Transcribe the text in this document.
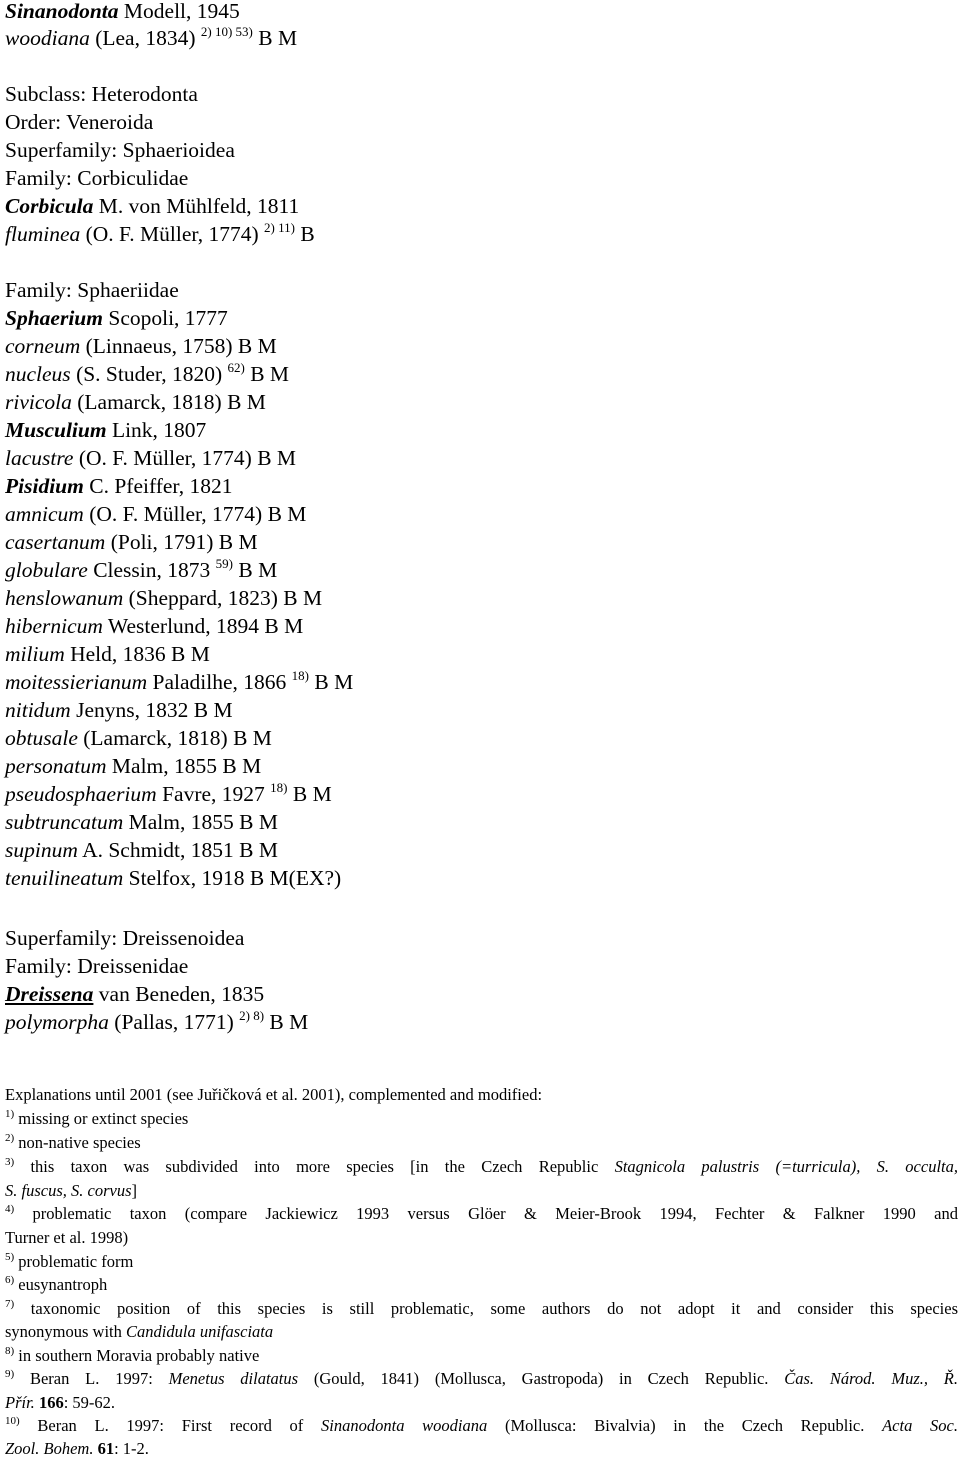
Sinanodonta Modell, 1945
woodiana (Lea, 1834) $^{2) 10) 53)}$ B M
Subclass: Heterodonta
Order: Veneroida
Superfamily: Sphaerioidea
Family: Corbiculidae
Corbicula M. von Mühlfeld, 1811
fluminea (O. F. Müller, 1774) $^{2) 11)}$ B
Family: Sphaeriidae
Sphaerium Scopoli, 1777
corneum (Linnaeus, 1758) B M
nucleus (S. Studer, 1820) $^{62)}$ B M
rivicola (Lamarck, 1818) B M
Musculium Link, 1807
lacustre (O. F. Müller, 1774) B M
Pisidium C. Pfeiffer, 1821
amnicum (O. F. Müller, 1774) B M
casertanum (Poli, 1791) B M
globulare Clessin, 1873 $^{59)}$ B M
henslowanum (Sheppard, 1823) B M
hibernicum Westerlund, 1894 B M
milium Held, 1836 B M
moitessierianum Paladilhe, 1866 $^{18)}$ B M
nitidum Jenyns, 1832 B M
obtusale (Lamarck, 1818) B M
personatum Malm, 1855 B M
pseudosphaerium Favre, 1927 $^{18)}$ B M
subtruncatum Malm, 1855 B M
supinum A. Schmidt, 1851 B M
tenuilineatum Stelfox, 1918 B M(EX?)
Superfamily: Dreissenoidea
Family: Dreissenidae
Dreissena van Beneden, 1835
polymorpha (Pallas, 1771) $^{2) 8)}$ B M
Explanations until 2001 (see Juřičková et al. 2001), complemented and modified:
$^{1)}$ missing or extinct species
$^{2)}$ non-native species
$^{3)}$ this taxon was subdivided into more species [in the Czech Republic Stagnicola palustris (=turricula), S. occulta,
S. fuscus, S. corvus]
$^{4)}$ problematic taxon (compare Jackiewicz 1993 versus Glöer & Meier-Brook 1994, Fechter & Falkner 1990 and
Turner et al. 1998)
$^{5)}$ problematic form
$^{6)}$ eusynantroph
$^{7)}$ taxonomic position of this species is still problematic, some authors do not adopt it and consider this species
synonymous with Candidula unifasciata
$^{8)}$ in southern Moravia probably native
$^{9)}$ Beran L. 1997: Menetus dilatatus (Gould, 1841) (Mollusca, Gastropoda) in Czech Republic. Čas. Národ. Muz., Ř.
Přír. 166: 59-62.
$^{10)}$ Beran L. 1997: First record of Sinanodonta woodiana (Mollusca: Bivalvia) in the Czech Republic. Acta Soc.
Zool. Bohem. 61: 1-2.
